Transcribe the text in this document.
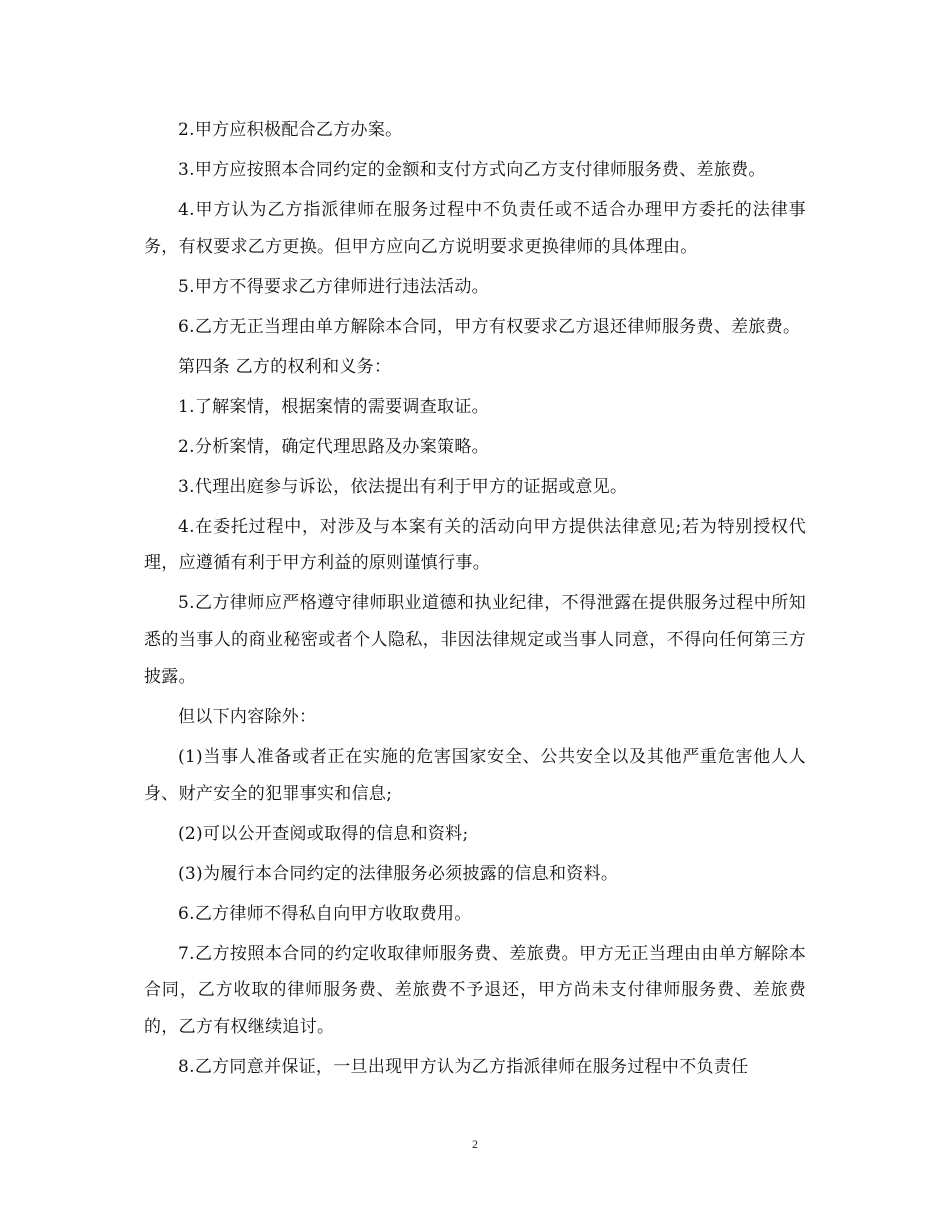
2.甲方应积极配合乙方办案。

3.甲方应按照本合同约定的金额和支付方式向乙方支付律师服务费、差旅费。

4.甲方认为乙方指派律师在服务过程中不负责任或不适合办理甲方委托的法律事务，有权要求乙方更换。但甲方应向乙方说明要求更换律师的具体理由。

5.甲方不得要求乙方律师进行违法活动。

6.乙方无正当理由单方解除本合同，甲方有权要求乙方退还律师服务费、差旅费。

第四条 乙方的权利和义务：

1.了解案情，根据案情的需要调查取证。

2.分析案情，确定代理思路及办案策略。

3.代理出庭参与诉讼，依法提出有利于甲方的证据或意见。

4.在委托过程中，对涉及与本案有关的活动向甲方提供法律意见;若为特别授权代理，应遵循有利于甲方利益的原则谨慎行事。

5.乙方律师应严格遵守律师职业道德和执业纪律，不得泄露在提供服务过程中所知悉的当事人的商业秘密或者个人隐私，非因法律规定或当事人同意，不得向任何第三方披露。

但以下内容除外：

(1)当事人准备或者正在实施的危害国家安全、公共安全以及其他严重危害他人人身、财产安全的犯罪事实和信息;

(2)可以公开查阅或取得的信息和资料;

(3)为履行本合同约定的法律服务必须披露的信息和资料。

6.乙方律师不得私自向甲方收取费用。

7.乙方按照本合同的约定收取律师服务费、差旅费。甲方无正当理由由单方解除本合同，乙方收取的律师服务费、差旅费不予退还，甲方尚未支付律师服务费、差旅费的，乙方有权继续追讨。

8.乙方同意并保证，一旦出现甲方认为乙方指派律师在服务过程中不负责任

2
